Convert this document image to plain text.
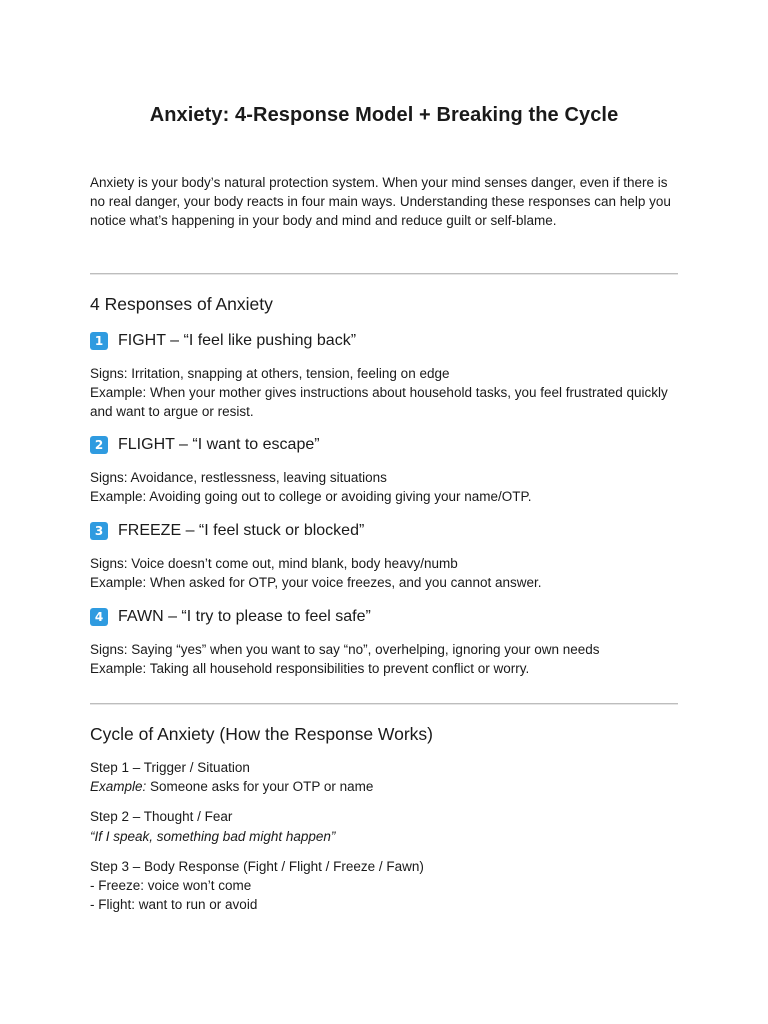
Anxiety: 4-Response Model + Breaking the Cycle

Anxiety is your body’s natural protection system. When your mind senses danger, even if there is no real danger, your body reacts in four main ways. Understanding these responses can help you notice what’s happening in your body and mind and reduce guilt or self-blame.

4 Responses of Anxiety
1 FIGHT – “I feel like pushing back”

Signs: Irritation, snapping at others, tension, feeling on edge

Example: When your mother gives instructions about household tasks, you feel frustrated quickly and want to argue or resist.

2 FLIGHT – “I want to escape”

Signs: Avoidance, restlessness, leaving situations

Example: Avoiding going out to college or avoiding giving your name/OTP.

3 FREEZE – “I feel stuck or blocked”

Signs: Voice doesn’t come out, mind blank, body heavy/numb

Example: When asked for OTP, your voice freezes, and you cannot answer.

4 FAWN – “I try to please to feel safe”

Signs: Saying “yes” when you want to say “no”, overhelping, ignoring your own needs

Example: Taking all household responsibilities to prevent conflict or worry.

Cycle of Anxiety (How the Response Works)

Step 1 – Trigger / Situation

Example: Someone asks for your OTP or name

Step 2 – Thought / Fear

“If I speak, something bad might happen”

Step 3 – Body Response (Fight / Flight / Freeze / Fawn)

- Freeze: voice won’t come

- Flight: want to run or avoid
